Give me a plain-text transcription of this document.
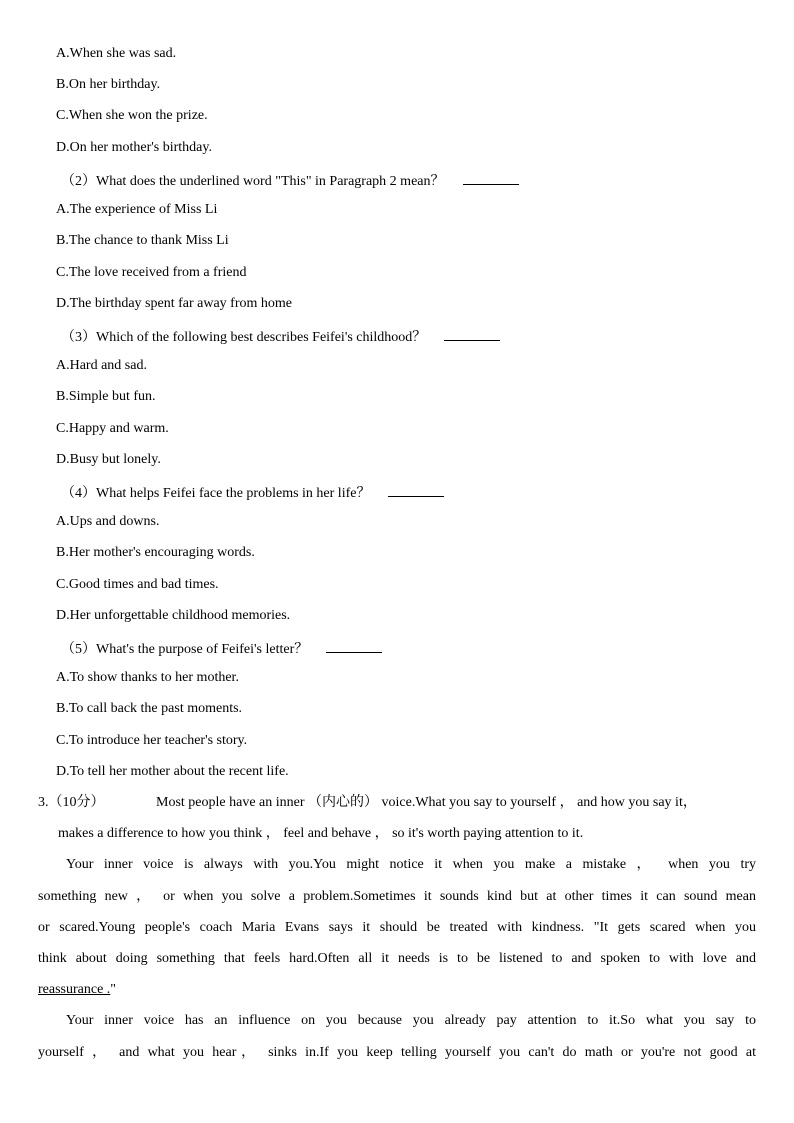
A.When she was sad.
B.On her birthday.
C.When she won the prize.
D.On her mother's birthday.
（2）What does the underlined word "This" in Paragraph 2 mean？
A.The experience of Miss Li
B.The chance to thank Miss Li
C.The love received from a friend
D.The birthday spent far away from home
（3）Which of the following best describes Feifei's childhood？
A.Hard and sad.
B.Simple but fun.
C.Happy and warm.
D.Busy but lonely.
（4）What helps Feifei face the problems in her life？
A.Ups and downs.
B.Her mother's encouraging words.
C.Good times and bad times.
D.Her unforgettable childhood memories.
（5）What's the purpose of Feifei's letter？
A.To show thanks to her mother.
B.To call back the past moments.
C.To introduce her teacher's story.
D.To tell her mother about the recent life.
3.（10分）	Most people have an inner （内心的） voice.What you say to yourself ， and how you say it，
makes a difference to how you think ， feel and behave ， so it's worth paying attention to it.
Your inner voice is always with you.You might notice it when you make a mistake ， when you try
something new ， or when you solve a problem.Sometimes it sounds kind but at other times it can sound mean
or scared.Young people's coach Maria Evans says it should be treated with kindness. "It gets scared when you
think about doing something that feels hard.Often all it needs is to be listened to and spoken to with love and
reassurance ."
Your inner voice has an influence on you because you already pay attention to it.So what you say to
yourself ， and what you hear， sinks in.If you keep telling yourself you can't do math or you're not good at
